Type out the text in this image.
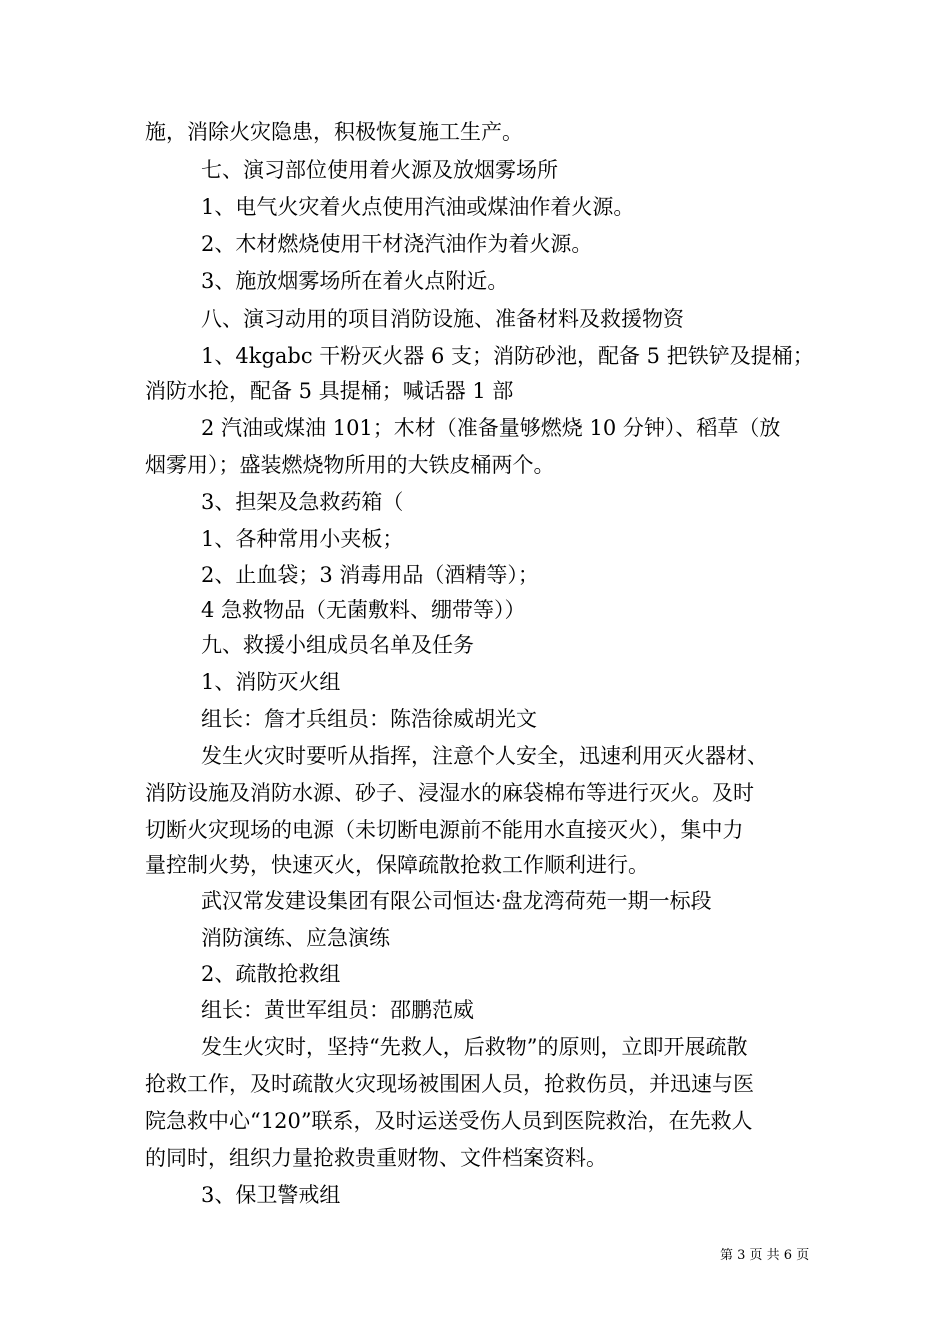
施，消除火灾隐患，积极恢复施工生产。
七、演习部位使用着火源及放烟雾场所
1、电气火灾着火点使用汽油或煤油作着火源。
2、木材燃烧使用干材浇汽油作为着火源。
3、施放烟雾场所在着火点附近。
八、演习动用的项目消防设施、准备材料及救援物资
1、4kgabc 干粉灭火器 6 支；消防砂池，配备 5 把铁铲及提桶；
消防水抢，配备 5 具提桶；喊话器 1 部
2 汽油或煤油 101；木材（准备量够燃烧 10 分钟）、稻草（放
烟雾用）；盛装燃烧物所用的大铁皮桶两个。
3、担架及急救药箱（
1、各种常用小夹板；
2、止血袋；3 消毒用品（酒精等）；
4 急救物品（无菌敷料、绷带等））
九、救援小组成员名单及任务
1、消防灭火组
组长：詹才兵组员：陈浩徐威胡光文
发生火灾时要听从指挥，注意个人安全，迅速利用灭火器材、
消防设施及消防水源、砂子、浸湿水的麻袋棉布等进行灭火。及时
切断火灾现场的电源（未切断电源前不能用水直接灭火），集中力
量控制火势，快速灭火，保障疏散抢救工作顺利进行。
武汉常发建设集团有限公司恒达·盘龙湾荷苑一期一标段
消防演练、应急演练
2、疏散抢救组
组长：黄世军组员：邵鹏范威
发生火灾时，坚持“先救人，后救物”的原则，立即开展疏散
抢救工作，及时疏散火灾现场被围困人员，抢救伤员，并迅速与医
院急救中心“120”联系，及时运送受伤人员到医院救治，在先救人
的同时，组织力量抢救贵重财物、文件档案资料。
3、保卫警戒组
第 3 页 共 6 页
